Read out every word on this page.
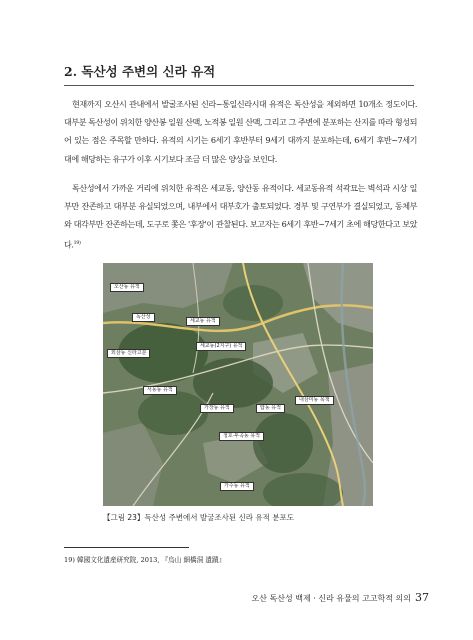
2. 독산성 주변의 신라 유적

현재까지 오산시 관내에서 발굴조사된 신라~통일신라시대 유적은 독산성을 제외하면 10개소 정도이다. 대부분 독산성이 위치한 양산봉 일원 산맥, 노적봉 일원 산맥, 그리고 그 주변에 분포하는 산지를 따라 형성되어 있는 점은 주목할 만하다. 유적의 시기는 6세기 후반부터 9세기 대까지 분포하는데, 6세기 후반~7세기 대에 해당하는 유구가 이후 시기보다 조금 더 많은 양상을 보인다.

독산성에서 가까운 거리에 위치한 유적은 세교동, 양산동 유적이다. 세교동유적 석곽묘는 벽석과 시상 일부만 잔존하고 대부분 유실되었으며, 내부에서 대부호가 출토되었다. 경부 및 구연부가 결실되었고, 동체부와 대각부만 잔존하는데, 도구로 쫓은 '후장'이 관찰된다. 보고자는 6세기 후반~7세기 초에 해당한다고 보았다.$^{19)}$

오산동 유적
독산성
세교동 유적
세교동(2지구) 유적
외삼동 신라고분
내삼미동 목책
서동동 유적
가장동 유적	탑동 유적
청호·두곡동 유적
가수동 유적

【그림 23】독산성 주변에서 발굴조사된 신라 유적 분포도

19) 韓國文化遺産研究院, 2013, 『烏山 細橋洞 遺蹟』

오산 독산성 백제 · 신라 유물의 고고학적 의의 37
